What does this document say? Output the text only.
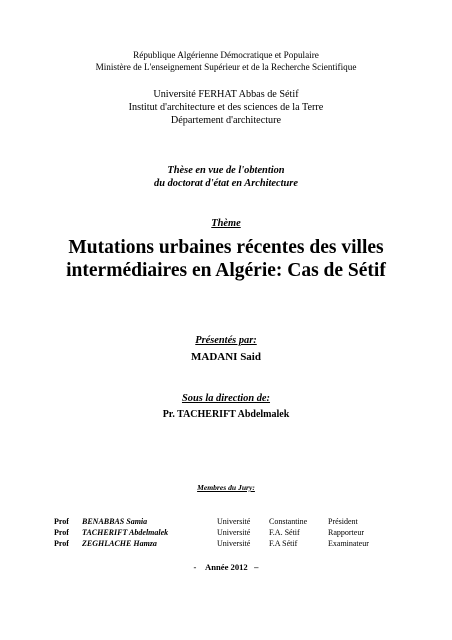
République Algérienne Démocratique et Populaire
Ministère de L'enseignement Supérieur et de la Recherche Scientifique
Université FERHAT Abbas de Sétif
Institut d'architecture et des sciences de la Terre
Département d'architecture
Thèse en vue de l'obtention
du doctorat d'état en Architecture
Thème
Mutations urbaines récentes des villes
intermédiaires en Algérie: Cas de Sétif
Présentés par:
MADANI Said
Sous la direction de:
Pr. TACHERIFT Abdelmalek
Membres du Jury:
Prof BENABBAS Samia	Université Constantine	Président
Prof TACHERIFT Abdelmalek	Université F.A. Sétif	Rapporteur
Prof ZEGHLACHE Hamza	Université F.A Sétif	Examinateur
- Année 2012 –
